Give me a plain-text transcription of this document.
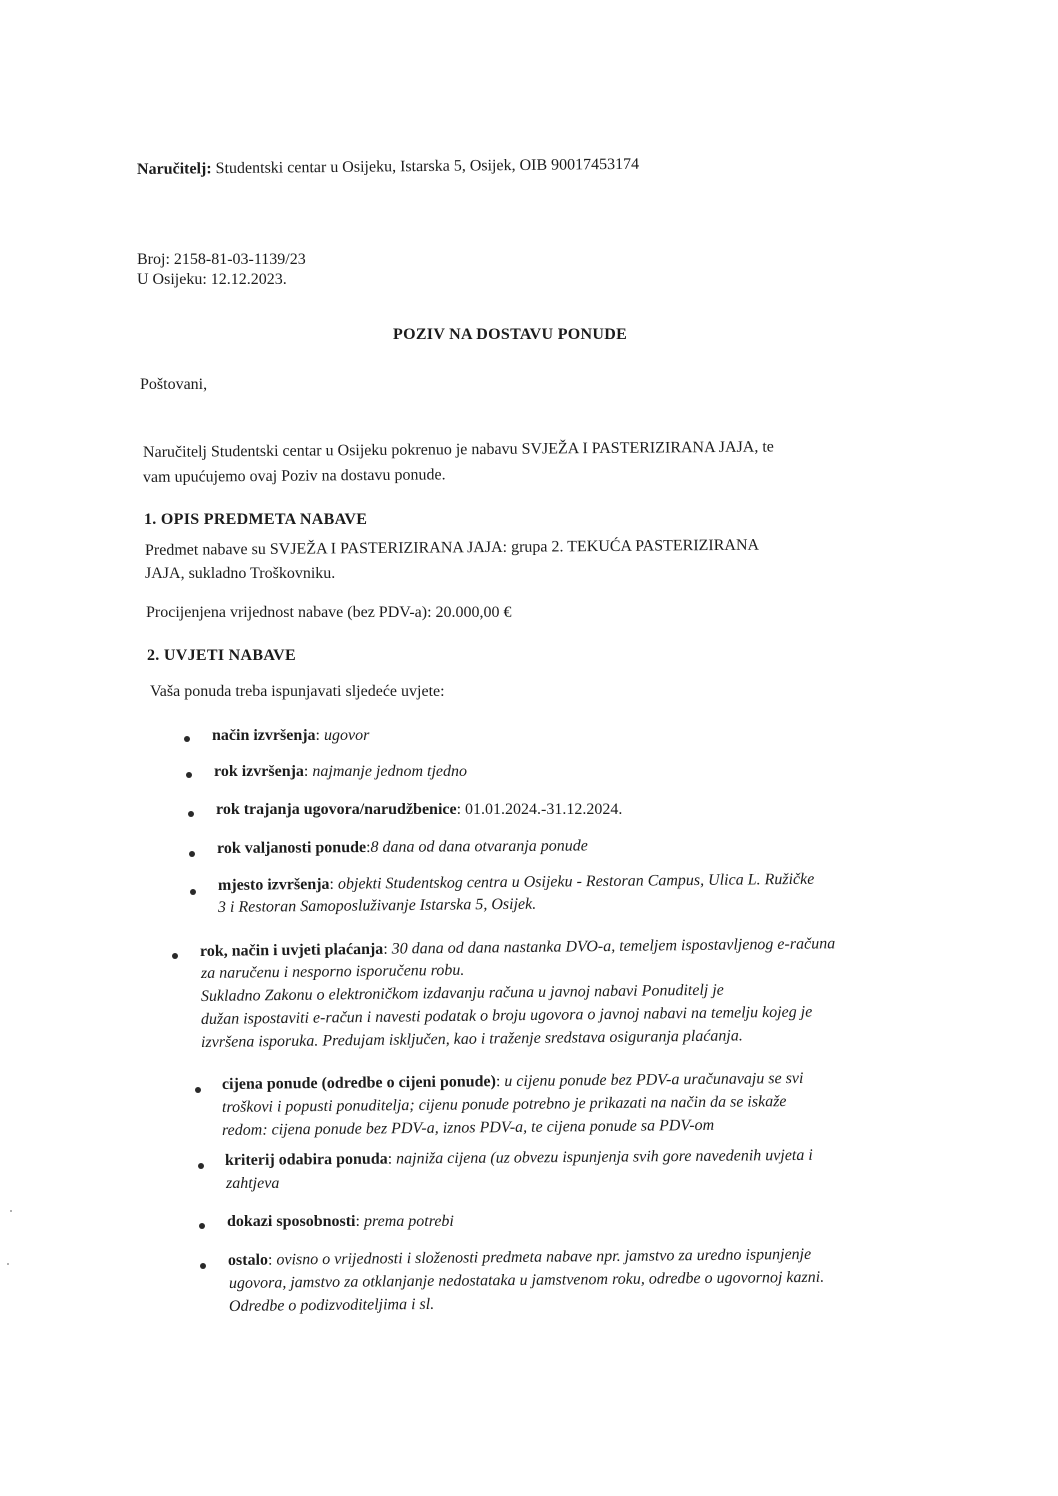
Naručitelj: Studentski centar u Osijeku, Istarska 5, Osijek, OIB 90017453174
Broj: 2158-81-03-1139/23
U Osijeku: 12.12.2023.
POZIV NA DOSTAVU PONUDE
Poštovani,
Naručitelj Studentski centar u Osijeku pokrenuo je nabavu SVJEŽA I PASTERIZIRANA JAJA, te
vam upućujemo ovaj Poziv na dostavu ponude.
1. OPIS PREDMETA NABAVE
Predmet nabave su SVJEŽA I PASTERIZIRANA JAJA: grupa 2. TEKUĆA PASTERIZIRANA
JAJA, sukladno Troškovniku.
Procijenjena vrijednost nabave (bez PDV-a): 20.000,00 €
2. UVJETI NABAVE
Vaša ponuda treba ispunjavati sljedeće uvjete:
način izvršenja: ugovor
rok izvršenja: najmanje jednom tjedno
rok trajanja ugovora/narudžbenice: 01.01.2024.-31.12.2024.
rok valjanosti ponude:8 dana od dana otvaranja ponude
mjesto izvršenja: objekti Studentskog centra u Osijeku - Restoran Campus, Ulica L. Ružičke
3 i Restoran Samoposluživanje Istarska 5, Osijek.
rok, način i uvjeti plaćanja: 30 dana od dana nastanka DVO-a, temeljem ispostavljenog e-računa
za naručenu i nesporno isporučenu robu.
Sukladno Zakonu o elektroničkom izdavanju računa u javnoj nabavi Ponuditelj je
dužan ispostaviti e-račun i navesti podatak o broju ugovora o javnoj nabavi na temelju kojeg je
izvršena isporuka. Predujam isključen, kao i traženje sredstava osiguranja plaćanja.
cijena ponude (odredbe o cijeni ponude): u cijenu ponude bez PDV-a uračunavaju se svi
troškovi i popusti ponuditelja; cijenu ponude potrebno je prikazati na način da se iskaže
redom: cijena ponude bez PDV-a, iznos PDV-a, te cijena ponude sa PDV-om
kriterij odabira ponuda: najniža cijena (uz obvezu ispunjenja svih gore navedenih uvjeta i
zahtjeva
dokazi sposobnosti: prema potrebi
ostalo: ovisno o vrijednosti i složenosti predmeta nabave npr. jamstvo za uredno ispunjenje
ugovora, jamstvo za otklanjanje nedostataka u jamstvenom roku, odredbe o ugovornoj kazni.
Odredbe o podizvoditeljima i sl.
